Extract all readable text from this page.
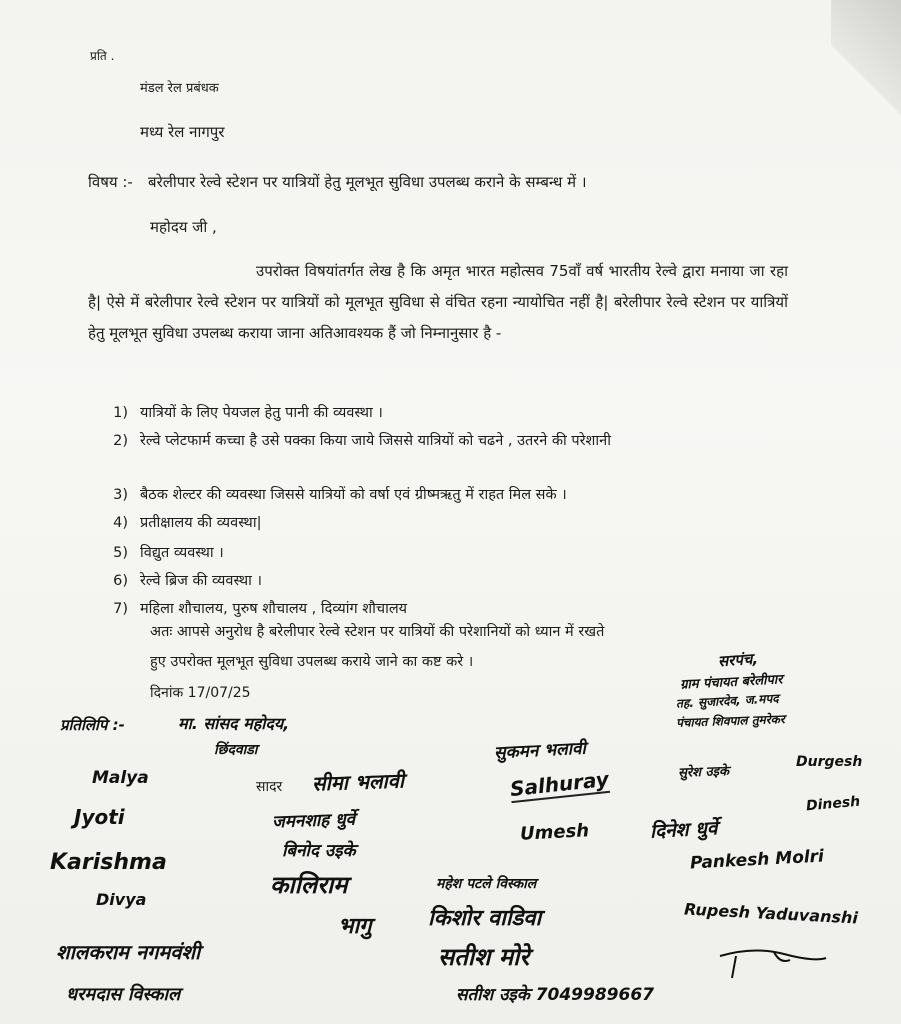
प्रति .
मंडल रेल प्रबंधक
मध्य रेल नागपुर
विषय :- बरेलीपार रेल्वे स्टेशन पर यात्रियों हेतु मूलभूत सुविधा उपलब्ध कराने के सम्बन्ध में ।
महोदय जी ,
उपरोक्त विषयांतर्गत लेख है कि अमृत भारत महोत्सव 75वाँ वर्ष भारतीय रेल्वे द्वारा मनाया जा रहा है| ऐसे में बरेलीपार रेल्वे स्टेशन पर यात्रियों को मूलभूत सुविधा से वंचित रहना न्यायोचित नहीं है| बरेलीपार रेल्वे स्टेशन पर यात्रियों हेतु मूलभूत सुविधा उपलब्ध कराया जाना अतिआवश्यक हैं जो निम्नानुसार है -
1) यात्रियों के लिए पेयजल हेतु पानी की व्यवस्था ।
2) रेल्वे प्लेटफार्म कच्चा है उसे पक्का किया जाये जिससे यात्रियों को चढने , उतरने की परेशानी
3) बैठक शेल्टर की व्यवस्था जिससे यात्रियों को वर्षा एवं ग्रीष्मऋतु में राहत मिल सके ।
4) प्रतीक्षालय की व्यवस्था|
5) विद्युत व्यवस्था ।
6) रेल्वे ब्रिज की व्यवस्था ।
7) महिला शौचालय, पुरुष शौचालय , दिव्यांग शौचालय
अतः आपसे अनुरोध है बरेलीपार रेल्वे स्टेशन पर यात्रियों की परेशानियों को ध्यान में रखते
हुए उपरोक्त मूलभूत सुविधा उपलब्ध कराये जाने का कष्ट करे ।
दिनांक 17/07/25
सरपंच,
ग्राम पंचायत बरेलीपार
तह. सुजारदेव, ज.मपद
पंचायत शिवपाल तुमरेकर
प्रतिलिपि :-	मा. सांसद महोदय,
छिंदवाडा
सादर
Malya	सीमा भलावी
सुकमन भलावी
Salhuray	सुरेश उइके
Durgesh
Jyoti	जमनशाह धुर्वे
बिनोद उइके
Umesh	दिनेश धुर्वे
Dinesh
Karishma
कालिराम	महेश पटले विस्काल
Pankesh Molri
Divya
भागु	किशोर वाडिवा	Rupesh Yaduvanshi
शालकराम नगमवंशी	सतीश मोरे
धरमदास विस्काल	सतीश उइके 7049989667
